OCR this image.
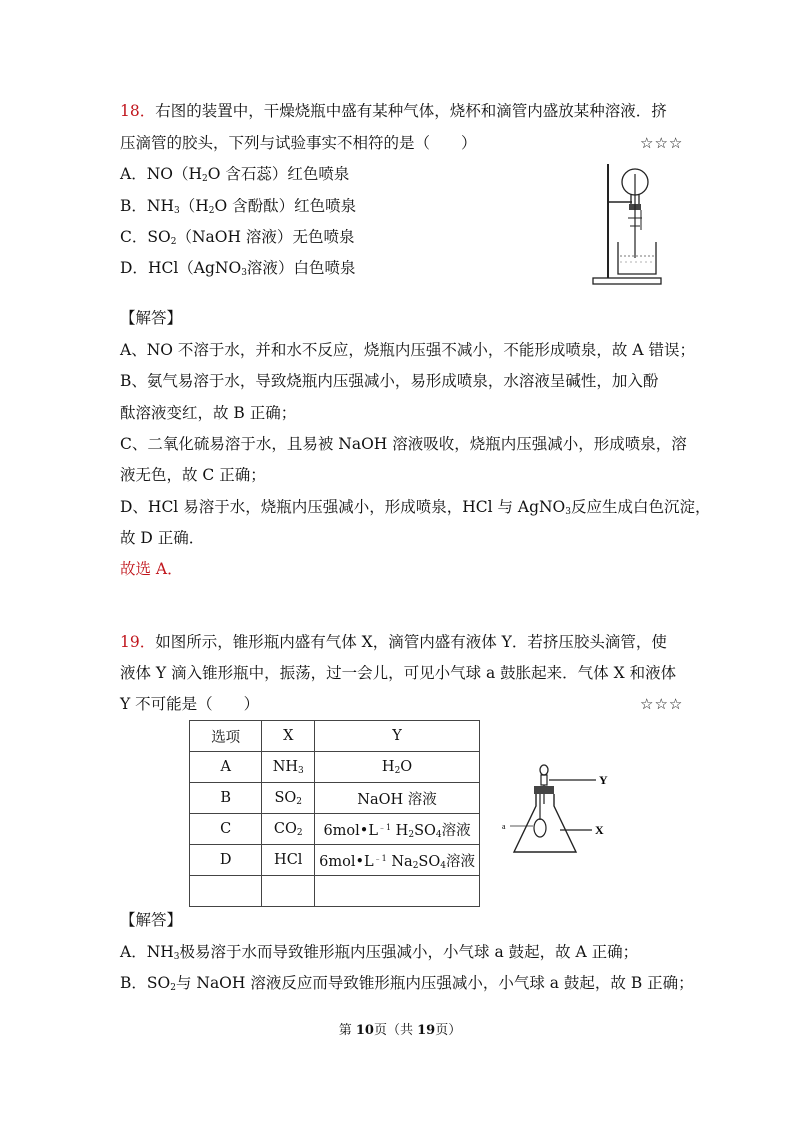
18．右图的装置中，干燥烧瓶中盛有某种气体，烧杯和滴管内盛放某种溶液．挤
压滴管的胶头，下列与试验事实不相符的是（　　）	☆☆☆
A．$NO(H_2O$ 含石蕊）红色喷泉
B．$NH_3(H_2O$ 含酚酞）红色喷泉
C．$SO_2(NaOH$ 溶液）无色喷泉
D．HCl（AgNO$_3$溶液）白色喷泉
【解答】
A、NO 不溶于水，并和水不反应，烧瓶内压强不减小，不能形成喷泉，故 A 错误；
B、氨气易溶于水，导致烧瓶内压强减小，易形成喷泉，水溶液呈碱性，加入酚
酞溶液变红，故 B 正确；
C、二氧化硫易溶于水，且易被 NaOH 溶液吸收，烧瓶内压强减小，形成喷泉，溶
液无色，故 C 正确；
D、HCl 易溶于水，烧瓶内压强减小，形成喷泉，HCl 与 AgNO$_3$反应生成白色沉淀，
故 D 正确．
故选 A．
19．如图所示，锥形瓶内盛有气体 X，滴管内盛有液体 Y．若挤压胶头滴管，使
液体 Y 滴入锥形瓶中，振荡，过一会儿，可见小气球 a 鼓胀起来．气体 X 和液体
Y 不可能是（　　）	☆☆☆
选项	X	Y
A	$NH_3$	$H_2O$
B	$SO_2$	NaOH 溶液
C	$CO_2$	$6mol•L^{﹣1}$ $H_2SO_4$溶液
D	HCl	$6mol•L^{﹣1}$ $Na_2SO_4$溶液

Y
a	X
【解答】
A．$NH_3$极易溶于水而导致锥形瓶内压强减小，小气球 a 鼓起，故 A 正确；
B．$SO_2$与 NaOH 溶液反应而导致锥形瓶内压强减小，小气球 a 鼓起，故 B 正确；
第 10页（共 19页）
